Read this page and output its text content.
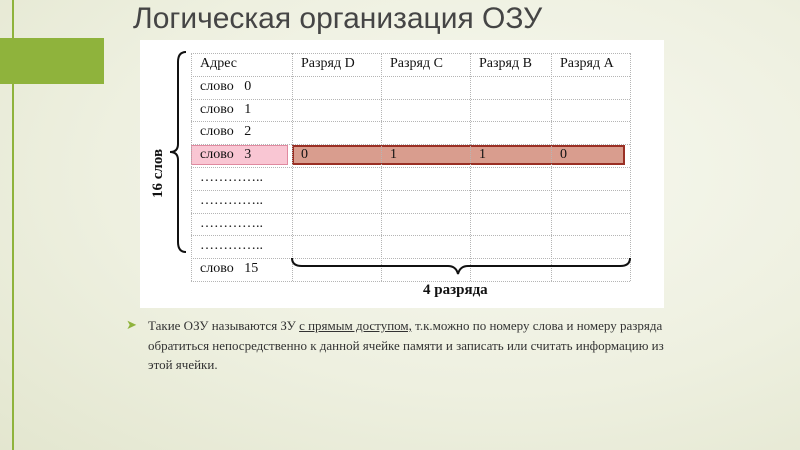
Логическая организация ОЗУ
Адрес	Разряд D	Разряд C	Разряд B	Разряд A
слово   0
слово   1
слово   2
слово   3	0	1	1	0
…………..
…………..
…………..
…………..
слово   15
16 слов
4 разряда
➤ Такие ОЗУ называются ЗУ с прямым доступом, т.к.можно по номеру слова и номеру разряда обратиться непосредственно к данной ячейке памяти и записать или считать информацию из этой ячейки.
